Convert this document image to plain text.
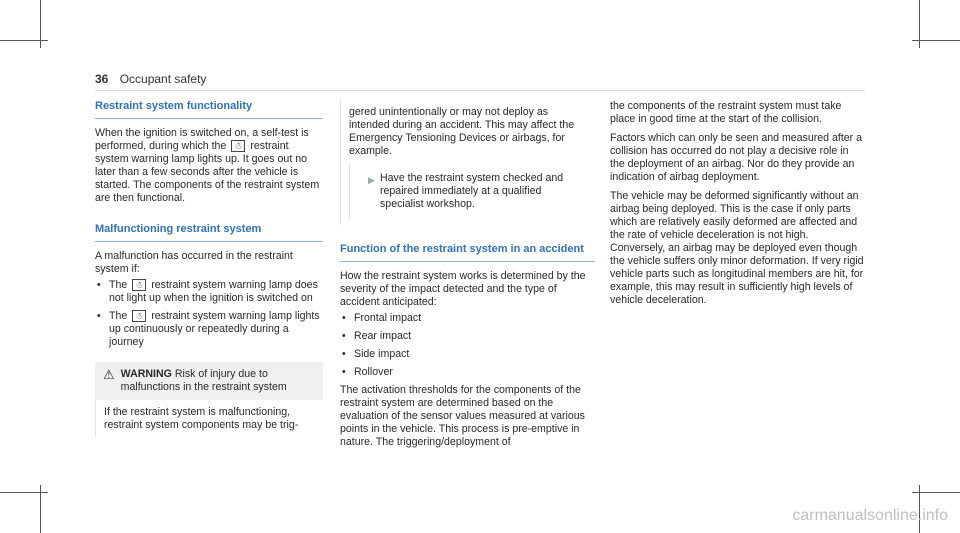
36 Occupant safety

Restraint system functionality

When the ignition is switched on, a self-test is performed, during which the ☃ restraint system warning lamp lights up. It goes out no later than a few seconds after the vehicle is started. The components of the restraint system are then functional.

Malfunctioning restraint system

A malfunction has occurred in the restraint system if:

• The ☃ restraint system warning lamp does not light up when the ignition is switched on
• The ☃ restraint system warning lamp lights up continuously or repeatedly during a journey
⚠ WARNING Risk of injury due to malfunctions in the restraint system

If the restraint system is malfunctioning, restraint system components may be trig-

gered unintentionally or may not deploy as intended during an accident. This may affect the Emergency Tensioning Devices or airbags, for example.

▶ Have the restraint system checked and repaired immediately at a qualified specialist workshop.

Function of the restraint system in an accident

How the restraint system works is determined by the severity of the impact detected and the type of accident anticipated:

• Frontal impact
• Rear impact
• Side impact
• Rollover

The activation thresholds for the components of the restraint system are determined based on the evaluation of the sensor values measured at various points in the vehicle. This process is pre-emptive in nature. The triggering/deployment of

the components of the restraint system must take place in good time at the start of the collision.

Factors which can only be seen and measured after a collision has occurred do not play a decisive role in the deployment of an airbag. Nor do they provide an indication of airbag deployment.

The vehicle may be deformed significantly without an airbag being deployed. This is the case if only parts which are relatively easily deformed are affected and the rate of vehicle deceleration is not high. Conversely, an airbag may be deployed even though the vehicle suffers only minor deformation. If very rigid vehicle parts such as longitudinal members are hit, for example, this may result in sufficiently high levels of vehicle deceleration.

carmanualsonline.info
